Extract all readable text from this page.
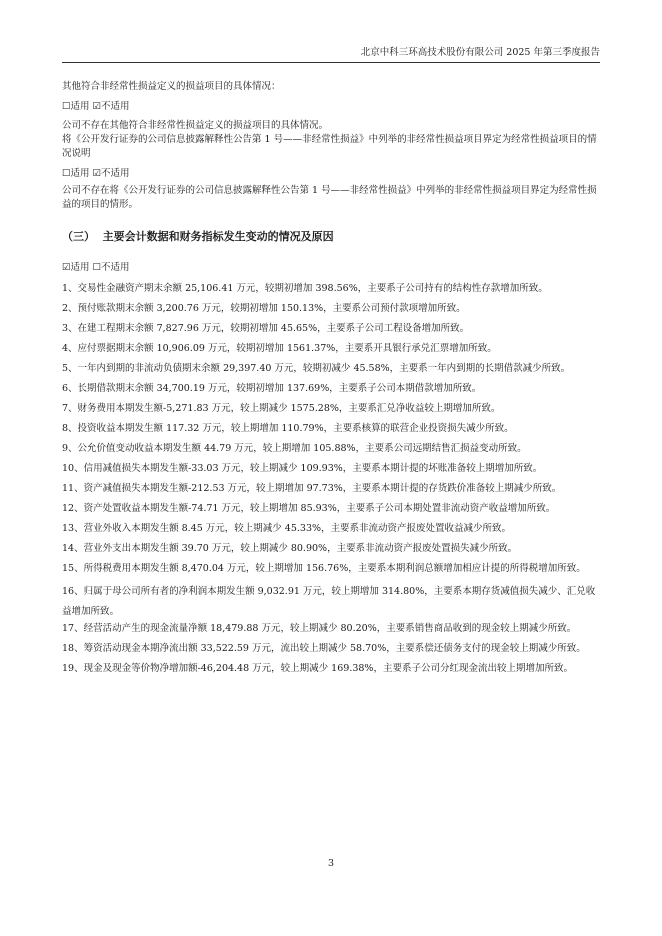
北京中科三环高技术股份有限公司 2025 年第三季度报告
其他符合非经常性损益定义的损益项目的具体情况：
☐适用 ☑不适用
公司不存在其他符合非经常性损益定义的损益项目的具体情况。
将《公开发行证券的公司信息披露解释性公告第 1 号——非经常性损益》中列举的非经常性损益项目界定为经常性损益项目的情况说明
☐适用 ☑不适用
公司不存在将《公开发行证券的公司信息披露解释性公告第 1 号——非经常性损益》中列举的非经常性损益项目界定为经常性损益的项目的情形。
（三）  主要会计数据和财务指标发生变动的情况及原因
☑适用 ☐不适用
1、交易性金融资产期末余额 25,106.41 万元，较期初增加 398.56%，主要系子公司持有的结构性存款增加所致。
2、预付账款期末余额 3,200.76 万元，较期初增加 150.13%，主要系公司预付款项增加所致。
3、在建工程期末余额 7,827.96 万元，较期初增加 45.65%，主要系子公司工程设备增加所致。
4、应付票据期末余额 10,906.09 万元，较期初增加 1561.37%，主要系开具银行承兑汇票增加所致。
5、一年内到期的非流动负债期末余额 29,397.40 万元，较期初减少 45.58%，主要系一年内到期的长期借款减少所致。
6、长期借款期末余额 34,700.19 万元，较期初增加 137.69%，主要系子公司本期借款增加所致。
7、财务费用本期发生额-5,271.83 万元，较上期减少 1575.28%，主要系汇兑净收益较上期增加所致。
8、投资收益本期发生额 117.32 万元，较上期增加 110.79%，主要系核算的联营企业投资损失减少所致。
9、公允价值变动收益本期发生额 44.79 万元，较上期增加 105.88%，主要系公司远期结售汇损益变动所致。
10、信用减值损失本期发生额-33.03 万元，较上期减少 109.93%，主要系本期计提的坏账准备较上期增加所致。
11、资产减值损失本期发生额-212.53 万元，较上期增加 97.73%，主要系本期计提的存货跌价准备较上期减少所致。
12、资产处置收益本期发生额-74.71 万元，较上期增加 85.93%，主要系子公司本期处置非流动资产收益增加所致。
13、营业外收入本期发生额 8.45 万元，较上期减少 45.33%，主要系非流动资产报废处置收益减少所致。
14、营业外支出本期发生额 39.70 万元，较上期减少 80.90%，主要系非流动资产报废处置损失减少所致。
15、所得税费用本期发生额 8,470.04 万元，较上期增加 156.76%，主要系本期利润总额增加相应计提的所得税增加所致。
16、归属于母公司所有者的净利润本期发生额 9,032.91 万元，较上期增加 314.80%，主要系本期存货减值损失减少、汇兑收益增加所致。
17、经营活动产生的现金流量净额 18,479.88 万元，较上期减少 80.20%，主要系销售商品收到的现金较上期减少所致。
18、筹资活动现金本期净流出额 33,522.59 万元，流出较上期减少 58.70%，主要系偿还债务支付的现金较上期减少所致。
19、现金及现金等价物净增加额-46,204.48 万元，较上期减少 169.38%，主要系子公司分红现金流出较上期增加所致。
3
